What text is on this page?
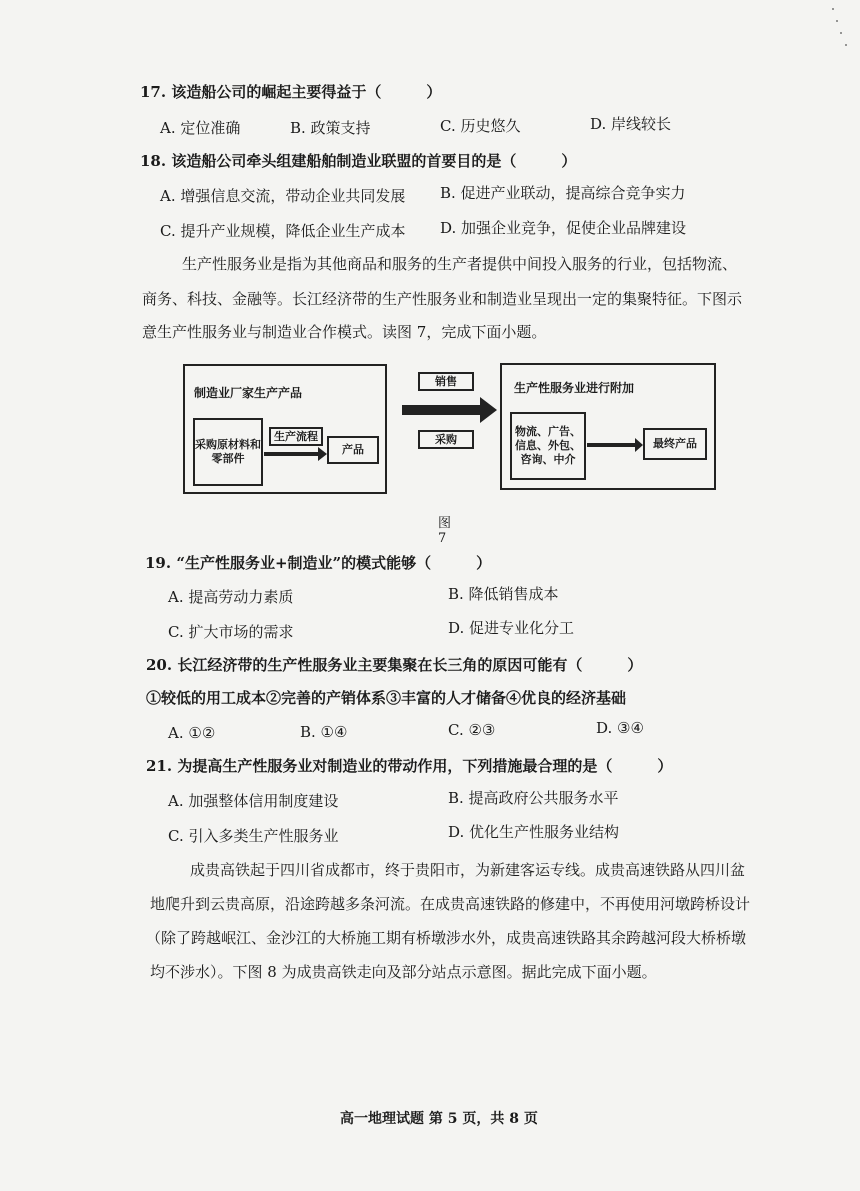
17. 该造船公司的崛起主要得益于（　　　）
A. 定位准确	B. 政策支持	C. 历史悠久	D. 岸线较长
18. 该造船公司牵头组建船舶制造业联盟的首要目的是（　　　）
A. 增强信息交流，带动企业共同发展 B. 促进产业联动，提高综合竞争实力
C. 提升产业规模，降低企业生产成本 D. 加强企业竞争，促使企业品牌建设
生产性服务业是指为其他商品和服务的生产者提供中间投入服务的行业，包括物流、
商务、科技、金融等。长江经济带的生产性服务业和制造业呈现出一定的集聚特征。下图示
意生产性服务业与制造业合作模式。读图 7，完成下面小题。
制造业厂家生产产品
采购原材料和零部件
生产流程
产品
销售
采购
生产性服务业进行附加
物流、广告、信息、外包、咨询、中介
最终产品
图 7
19. “生产性服务业+制造业”的模式能够（　　　）
A. 提高劳动力素质	B. 降低销售成本
C. 扩大市场的需求	D. 促进专业化分工
20. 长江经济带的生产性服务业主要集聚在长三角的原因可能有（　　　）
①较低的用工成本②完善的产销体系③丰富的人才储备④优良的经济基础
A. ①②	B. ①④	C. ②③	D. ③④
21. 为提高生产性服务业对制造业的带动作用，下列措施最合理的是（　　　）
A. 加强整体信用制度建设	B. 提高政府公共服务水平
C. 引入多类生产性服务业	D. 优化生产性服务业结构
成贵高铁起于四川省成都市，终于贵阳市，为新建客运专线。成贵高速铁路从四川盆
地爬升到云贵高原，沿途跨越多条河流。在成贵高速铁路的修建中，不再使用河墩跨桥设计
（除了跨越岷江、金沙江的大桥施工期有桥墩涉水外，成贵高速铁路其余跨越河段大桥桥墩
均不涉水）。下图 8 为成贵高铁走向及部分站点示意图。据此完成下面小题。
高一地理试题 第 5 页，共 8 页
